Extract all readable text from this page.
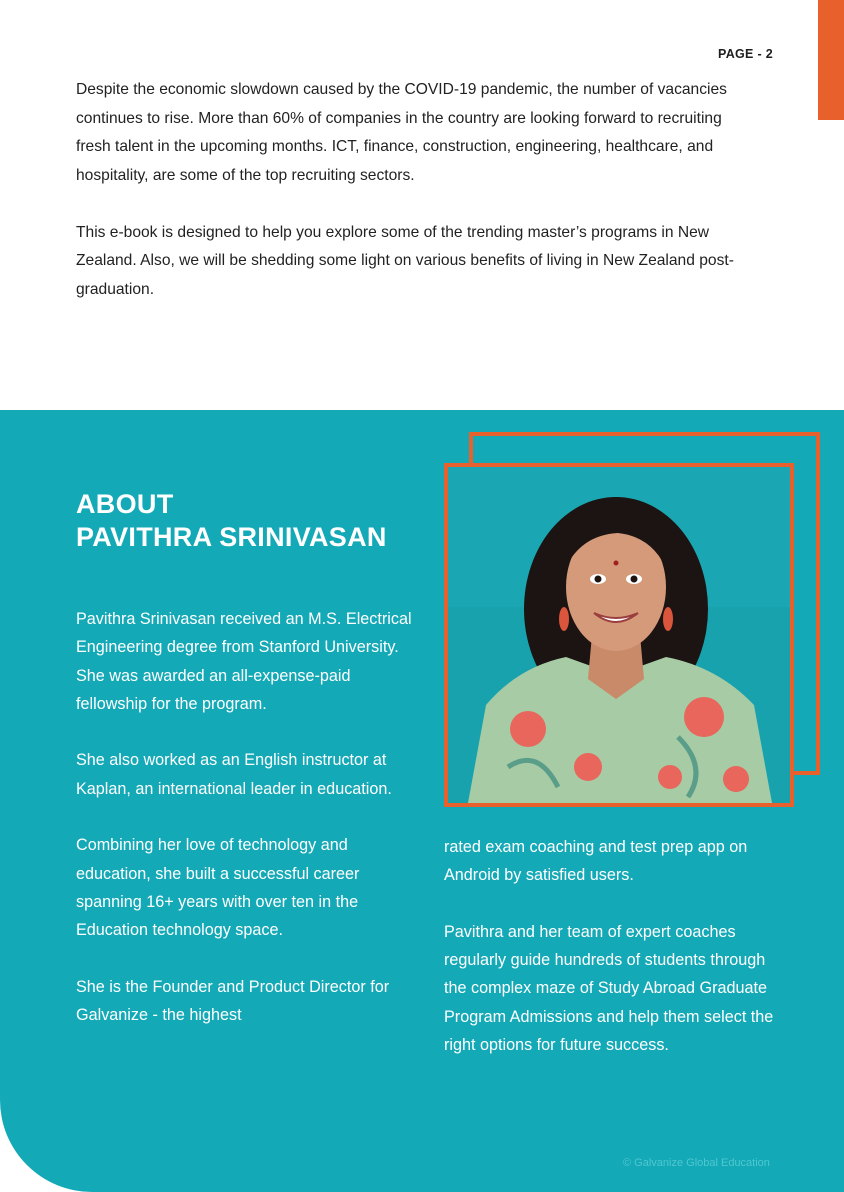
PAGE - 2

Despite the economic slowdown caused by the COVID-19 pandemic, the number of vacancies continues to rise. More than 60% of companies in the country are looking forward to recruiting fresh talent in the upcoming months. ICT, finance, construction, engineering, healthcare, and hospitality, are some of the top recruiting sectors.

This e-book is designed to help you explore some of the trending master’s programs in New Zealand. Also, we will be shedding some light on various benefits of living in New Zealand post-graduation.

ABOUT
PAVITHRA SRINIVASAN

Pavithra Srinivasan received an M.S. Electrical Engineering degree from Stanford University. She was awarded an all-expense-paid fellowship for the program.

She also worked as an English instructor at Kaplan, an international leader in education.

Combining her love of technology and education, she built a successful career spanning 16+ years with over ten in the Education technology space.

She is the Founder and Product Director for Galvanize - the highest

rated exam coaching and test prep app on Android by satisfied users.

Pavithra and her team of expert coaches regularly guide hundreds of students through the complex maze of Study Abroad Graduate Program Admissions and help them select the right options for future success.

© Galvanize Global Education
